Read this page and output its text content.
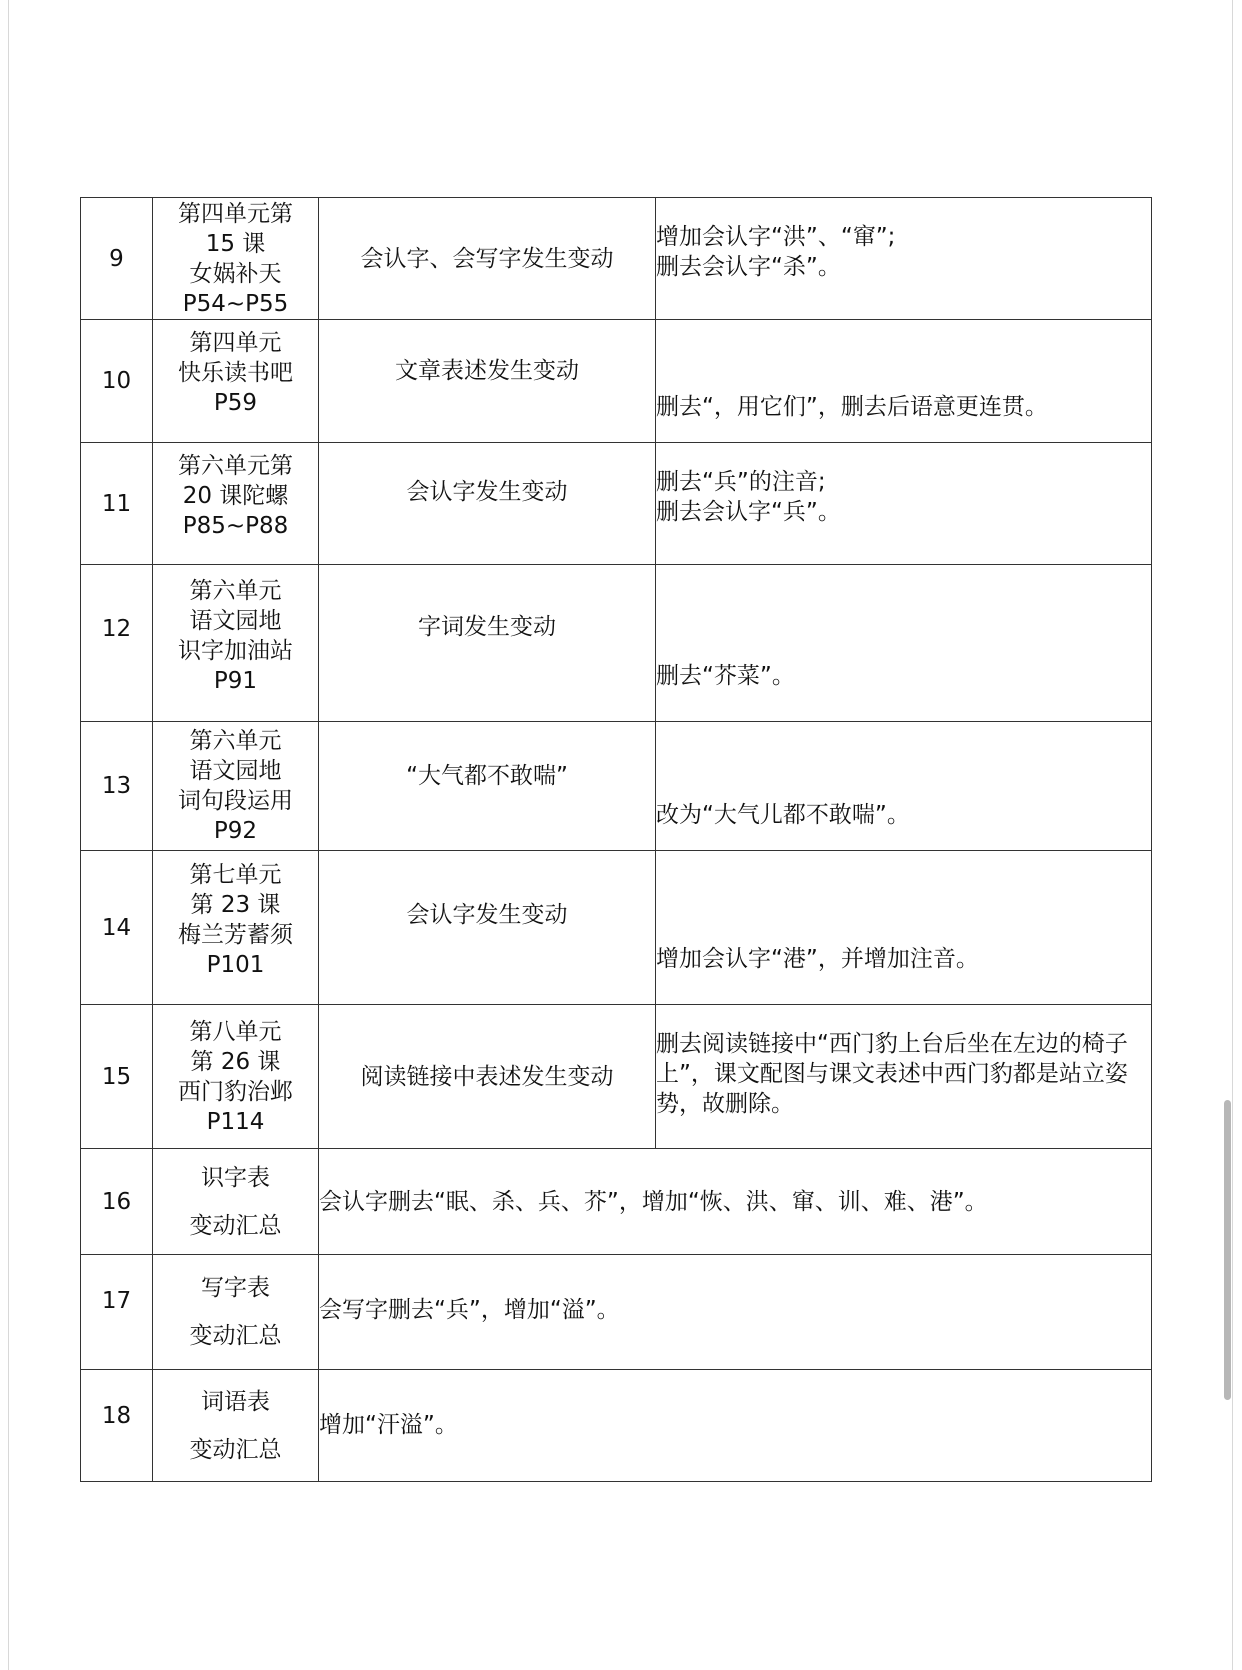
9	第四单元第
15 课
女娲补天
P54~P55	会认字、会写字发生变动	增加会认字“洪”、“窜”;
删去会认字“杀”。

10	第四单元
快乐读书吧
P59	文章表述发生变动	删去“，用它们”，删去后语意更连贯。

11	第六单元第
20 课陀螺
P85~P88	会认字发生变动	删去“兵”的注音;
删去会认字“兵”。

12	第六单元
语文园地
识字加油站
P91	字词发生变动	删去“芥菜”。

13	第六单元
语文园地
词句段运用
P92	“大气都不敢喘”	改为“大气儿都不敢喘”。

14	第七单元
第 23 课
梅兰芳蓄须
P101	会认字发生变动	增加会认字“港”，并增加注音。

15	第八单元
第 26 课
西门豹治邺
P114	阅读链接中表述发生变动	删去阅读链接中“西门豹上台后坐在左边的椅子
上”，课文配图与课文表述中西门豹都是站立姿
势，故删除。

16	识字表
变动汇总	会认字删去“眠、杀、兵、芥”，增加“恢、洪、窜、训、难、港”。	
17	写字表
变动汇总	会写字删去“兵”，增加“溢”。	
18	词语表
变动汇总	增加“汗溢”。	
